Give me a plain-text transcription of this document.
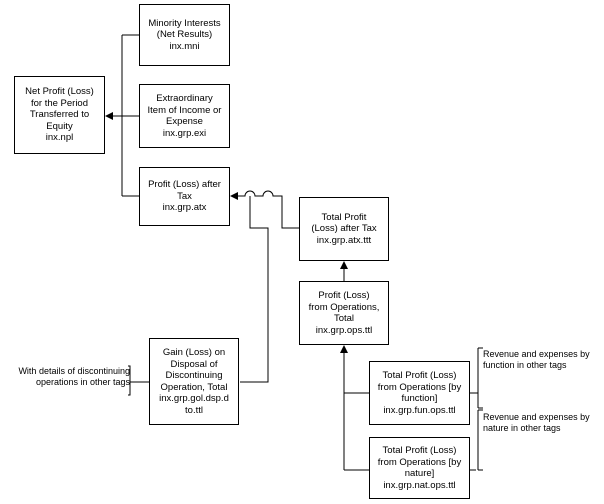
Minority Interests
(Net Results)
inx.mni
Extraordinary
Item of Income or
Expense
inx.grp.exi
Profit (Loss) after
Tax
inx.grp.atx
Net Profit (Loss)
for the Period
Transferred to
Equity
inx.npl
Total Profit
(Loss) after Tax
inx.grp.atx.ttt
Profit (Loss)
from Operations,
Total
inx.grp.ops.ttl
Gain (Loss) on
Disposal of
Discontinuing
Operation, Total
inx.grp.gol.dsp.d
to.ttl
Total Profit (Loss)
from Operations [by
function]
inx.grp.fun.ops.ttl
Total Profit (Loss)
from Operations [by
nature]
inx.grp.nat.ops.ttl
With details of discontinuing
operations in other tags
Revenue and expenses by
function in other tags
Revenue and expenses by
nature in other tags
